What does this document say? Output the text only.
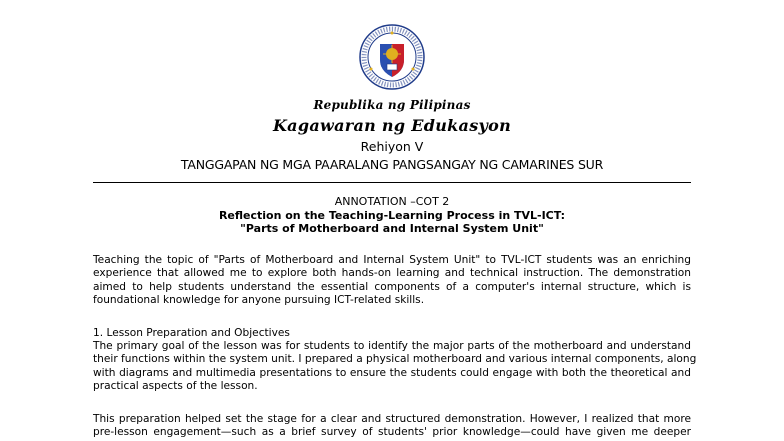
Republika ng Pilipinas
Kagawaran ng Edukasyon
Rehiyon V
TANGGAPAN NG MGA PAARALANG PANGSANGAY NG CAMARINES SUR
ANNOTATION –COT 2
Reflection on the Teaching-Learning Process in TVL-ICT:
"Parts of Motherboard and Internal System Unit"
Teaching the topic of "Parts of Motherboard and Internal System Unit" to TVL-ICT students was an enriching
experience that allowed me to explore both hands-on learning and technical instruction. The demonstration
aimed to help students understand the essential components of a computer's internal structure, which is
foundational knowledge for anyone pursuing ICT-related skills.
1. Lesson Preparation and Objectives
The primary goal of the lesson was for students to identify the major parts of the motherboard and understand
their functions within the system unit. I prepared a physical motherboard and various internal components, along
with diagrams and multimedia presentations to ensure the students could engage with both the theoretical and
practical aspects of the lesson.
This preparation helped set the stage for a clear and structured demonstration. However, I realized that more
pre-lesson engagement—such as a brief survey of students' prior knowledge—could have given me deeper
